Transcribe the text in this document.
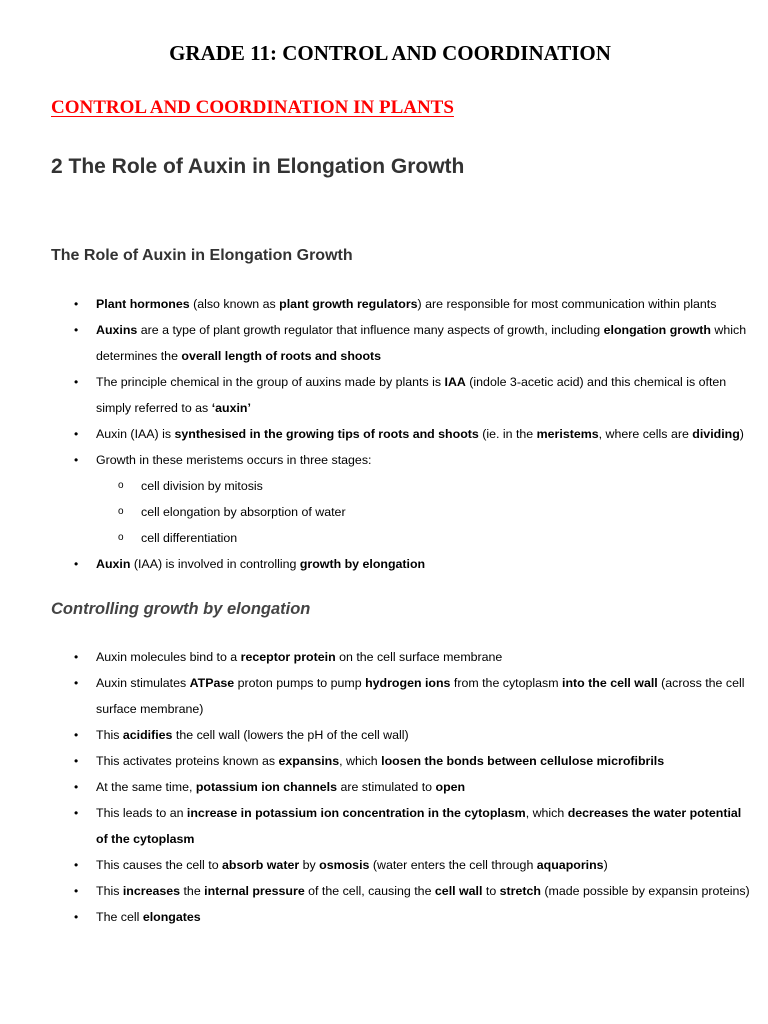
GRADE 11: CONTROL AND COORDINATION
CONTROL AND COORDINATION IN PLANTS
2 The Role of Auxin in Elongation Growth
The Role of Auxin in Elongation Growth
• Plant hormones (also known as plant growth regulators) are responsible for most communication within plants
• Auxins are a type of plant growth regulator that influence many aspects of growth, including elongation growth which determines the overall length of roots and shoots
• The principle chemical in the group of auxins made by plants is IAA (indole 3-acetic acid) and this chemical is often simply referred to as ‘auxin’
• Auxin (IAA) is synthesised in the growing tips of roots and shoots (ie. in the meristems, where cells are dividing)
• Growth in these meristems occurs in three stages:
o cell division by mitosis
o cell elongation by absorption of water
o cell differentiation
• Auxin (IAA) is involved in controlling growth by elongation
Controlling growth by elongation
• Auxin molecules bind to a receptor protein on the cell surface membrane
• Auxin stimulates ATPase proton pumps to pump hydrogen ions from the cytoplasm into the cell wall (across the cell surface membrane)
• This acidifies the cell wall (lowers the pH of the cell wall)
• This activates proteins known as expansins, which loosen the bonds between cellulose microfibrils
• At the same time, potassium ion channels are stimulated to open
• This leads to an increase in potassium ion concentration in the cytoplasm, which decreases the water potential of the cytoplasm
• This causes the cell to absorb water by osmosis (water enters the cell through aquaporins)
• This increases the internal pressure of the cell, causing the cell wall to stretch (made possible by expansin proteins)
• The cell elongates
